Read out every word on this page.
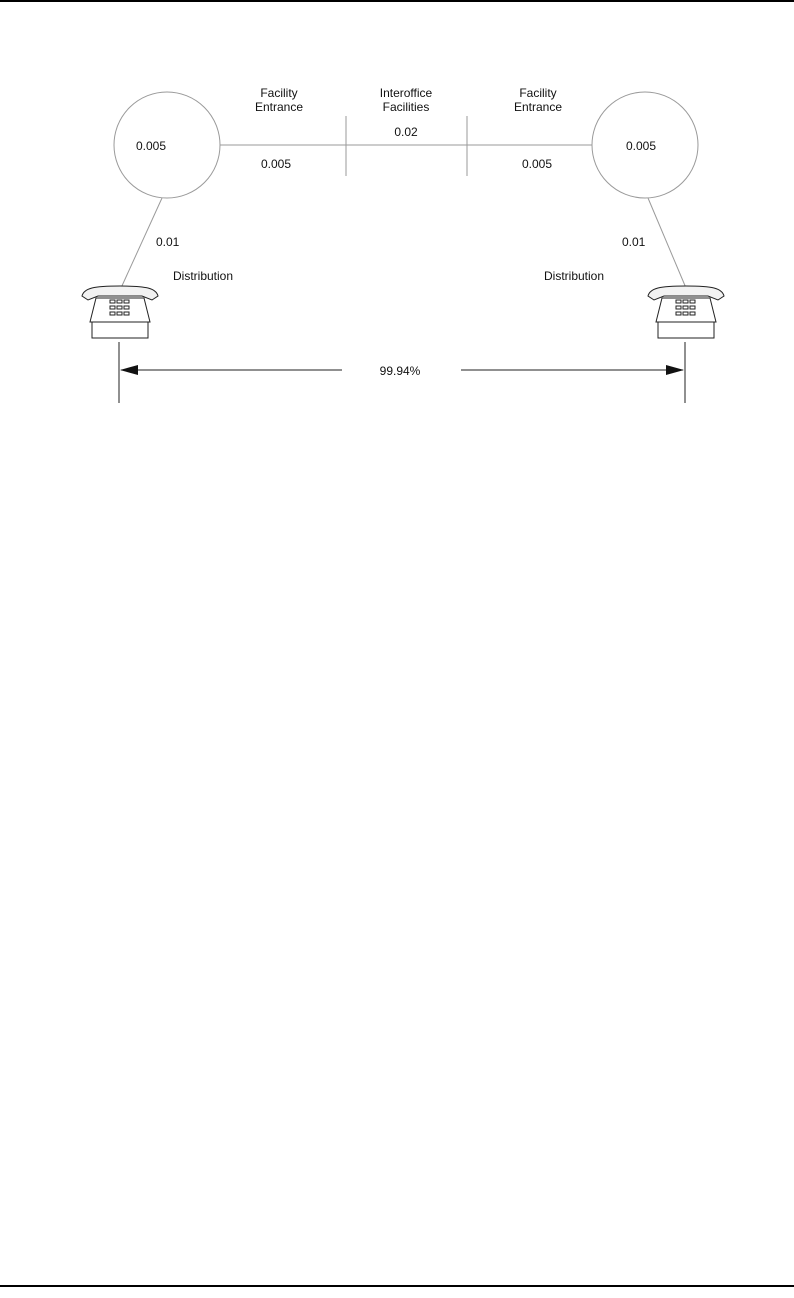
0.005	0.005
Facility
Entrance
0.005
Interoffice
Facilities
0.02
Facility
Entrance
0.005
0.01
Distribution
0.01
Distribution
99.94%
